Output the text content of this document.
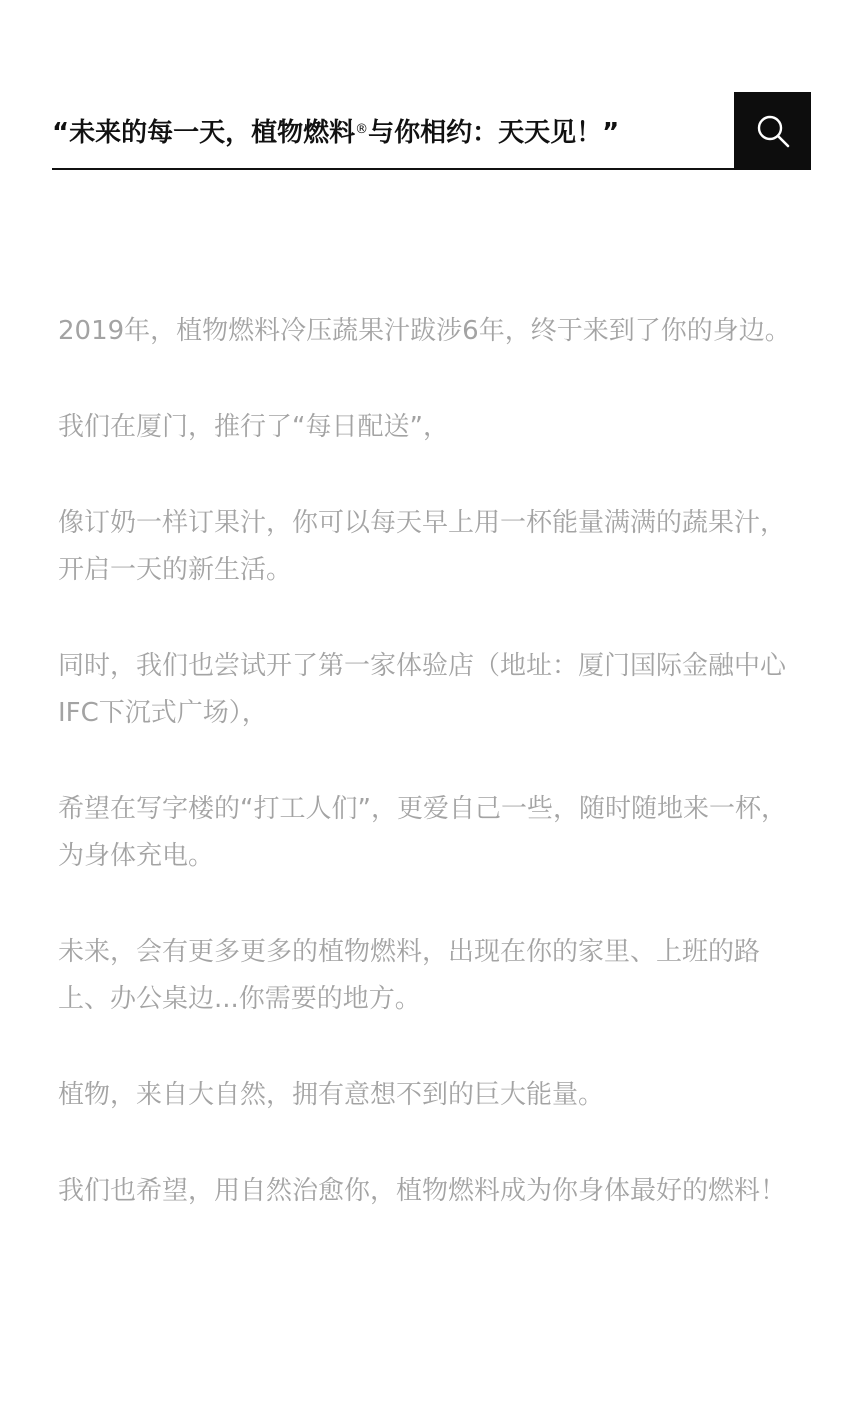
“未来的每一天，植物燃料 ® 与你相约：天天见！”

2019年，植物燃料冷压蔬果汁跋涉6年，终于来到了你的身边。

我们在厦门，推行了“每日配送”，

像订奶一样订果汁，你可以每天早上用一杯能量满满的蔬果汁，开启一天的新生活。

同时，我们也尝试开了第一家体验店（地址：厦门国际金融中心IFC下沉式广场），

希望在写字楼的“打工人们”，更爱自己一些，随时随地来一杯，为身体充电。

未来，会有更多更多的植物燃料，出现在你的家里、上班的路上、办公桌边...你需要的地方。

植物，来自大自然，拥有意想不到的巨大能量。

我们也希望，用自然治愈你，植物燃料成为你身体最好的燃料！
